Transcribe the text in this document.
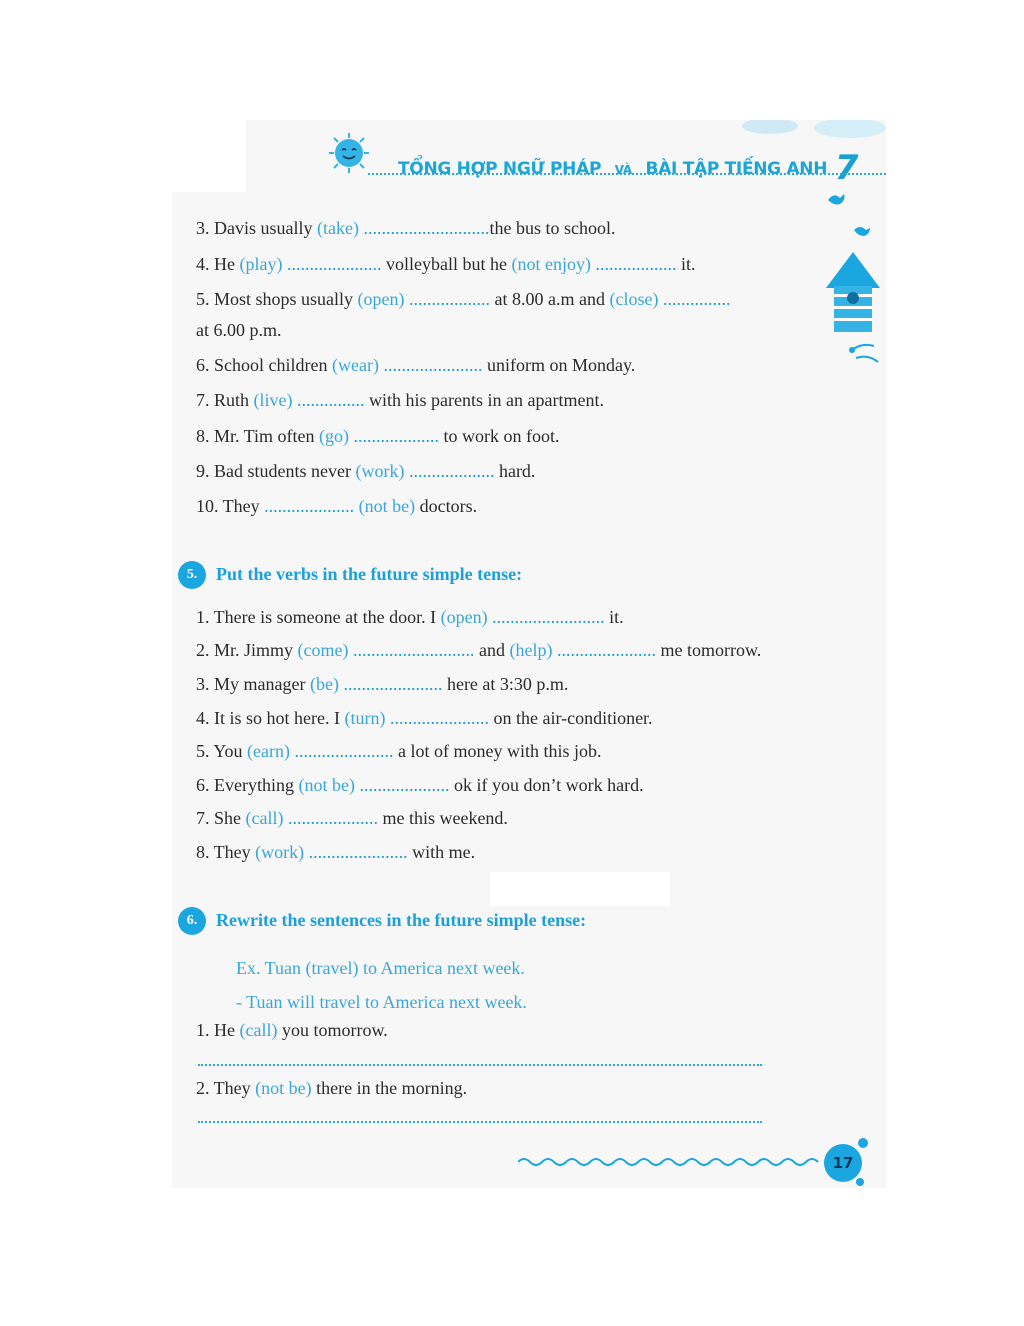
TỔNG HỢP NGỮ PHÁP VÀ BÀI TẬP TIẾNG ANH 7
3. Davis usually (take) ............................the bus to school.
4. He (play) ..................... volleyball but he (not enjoy) .................. it.
5. Most shops usually (open) .................. at 8.00 a.m and (close) ...............
at 6.00 p.m.
6. School children (wear) ...................... uniform on Monday.
7. Ruth (live) ............... with his parents in an apartment.
8. Mr. Tim often (go) ................... to work on foot.
9. Bad students never (work) ................... hard.
10. They .................... (not be) doctors.
5.	Put the verbs in the future simple tense:
1. There is someone at the door. I (open) ......................... it.
2. Mr. Jimmy (come) ........................... and (help) ...................... me tomorrow.
3. My manager (be) ...................... here at 3:30 p.m.
4. It is so hot here. I (turn) ...................... on the air-conditioner.
5. You (earn) ...................... a lot of money with this job.
6. Everything (not be) .................... ok if you don’t work hard.
7. She (call) .................... me this weekend.
8. They (work) ...................... with me.
6.	Rewrite the sentences in the future simple tense:
Ex. Tuan (travel) to America next week.
- Tuan will travel to America next week.
1. He (call) you tomorrow.
2. They (not be) there in the morning.
17
